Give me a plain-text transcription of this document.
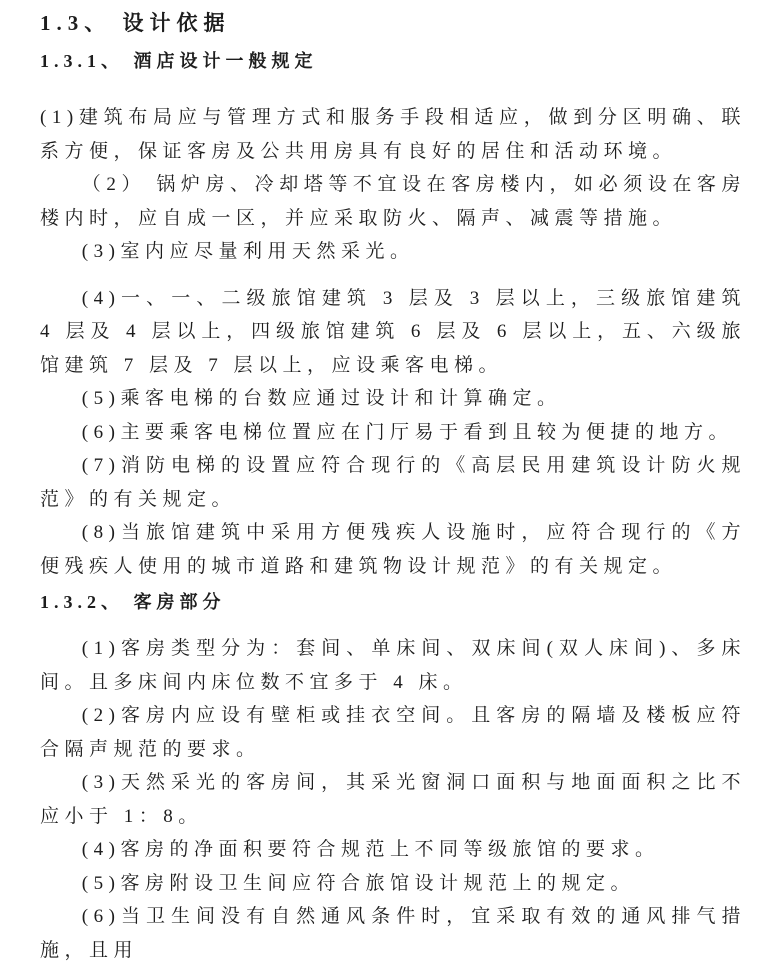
1.3、 设计依据
1.3.1、 酒店设计一般规定

(1)建筑布局应与管理方式和服务手段相适应，做到分区明确、联系方便，保证客房及公共用房具有良好的居住和活动环境。

（2） 锅炉房、冷却塔等不宜设在客房楼内，如必须设在客房楼内时，应自成一区，并应采取防火、隔声、减震等措施。

(3)室内应尽量利用天然采光。

(4)一、一、二级旅馆建筑 3 层及 3 层以上，三级旅馆建筑 4 层及 4 层以上，四级旅馆建筑 6 层及 6 层以上，五、六级旅馆建筑 7 层及 7 层以上，应设乘客电梯。

(5)乘客电梯的台数应通过设计和计算确定。

(6)主要乘客电梯位置应在门厅易于看到且较为便捷的地方。

(7)消防电梯的设置应符合现行的《高层民用建筑设计防火规范》的有关规定。

(8)当旅馆建筑中采用方便残疾人设施时，应符合现行的《方便残疾人使用的城市道路和建筑物设计规范》的有关规定。

1.3.2、 客房部分

(1)客房类型分为：套间、单床间、双床间(双人床间)、多床间。且多床间内床位数不宜多于 4 床。

(2)客房内应设有壁柜或挂衣空间。且客房的隔墙及楼板应符合隔声规范的要求。

(3)天然采光的客房间，其采光窗洞口面积与地面面积之比不应小于 1：8。

(4)客房的净面积要符合规范上不同等级旅馆的要求。

(5)客房附设卫生间应符合旅馆设计规范上的规定。

(6)当卫生间没有自然通风条件时，宜采取有效的通风排气措施，且用
